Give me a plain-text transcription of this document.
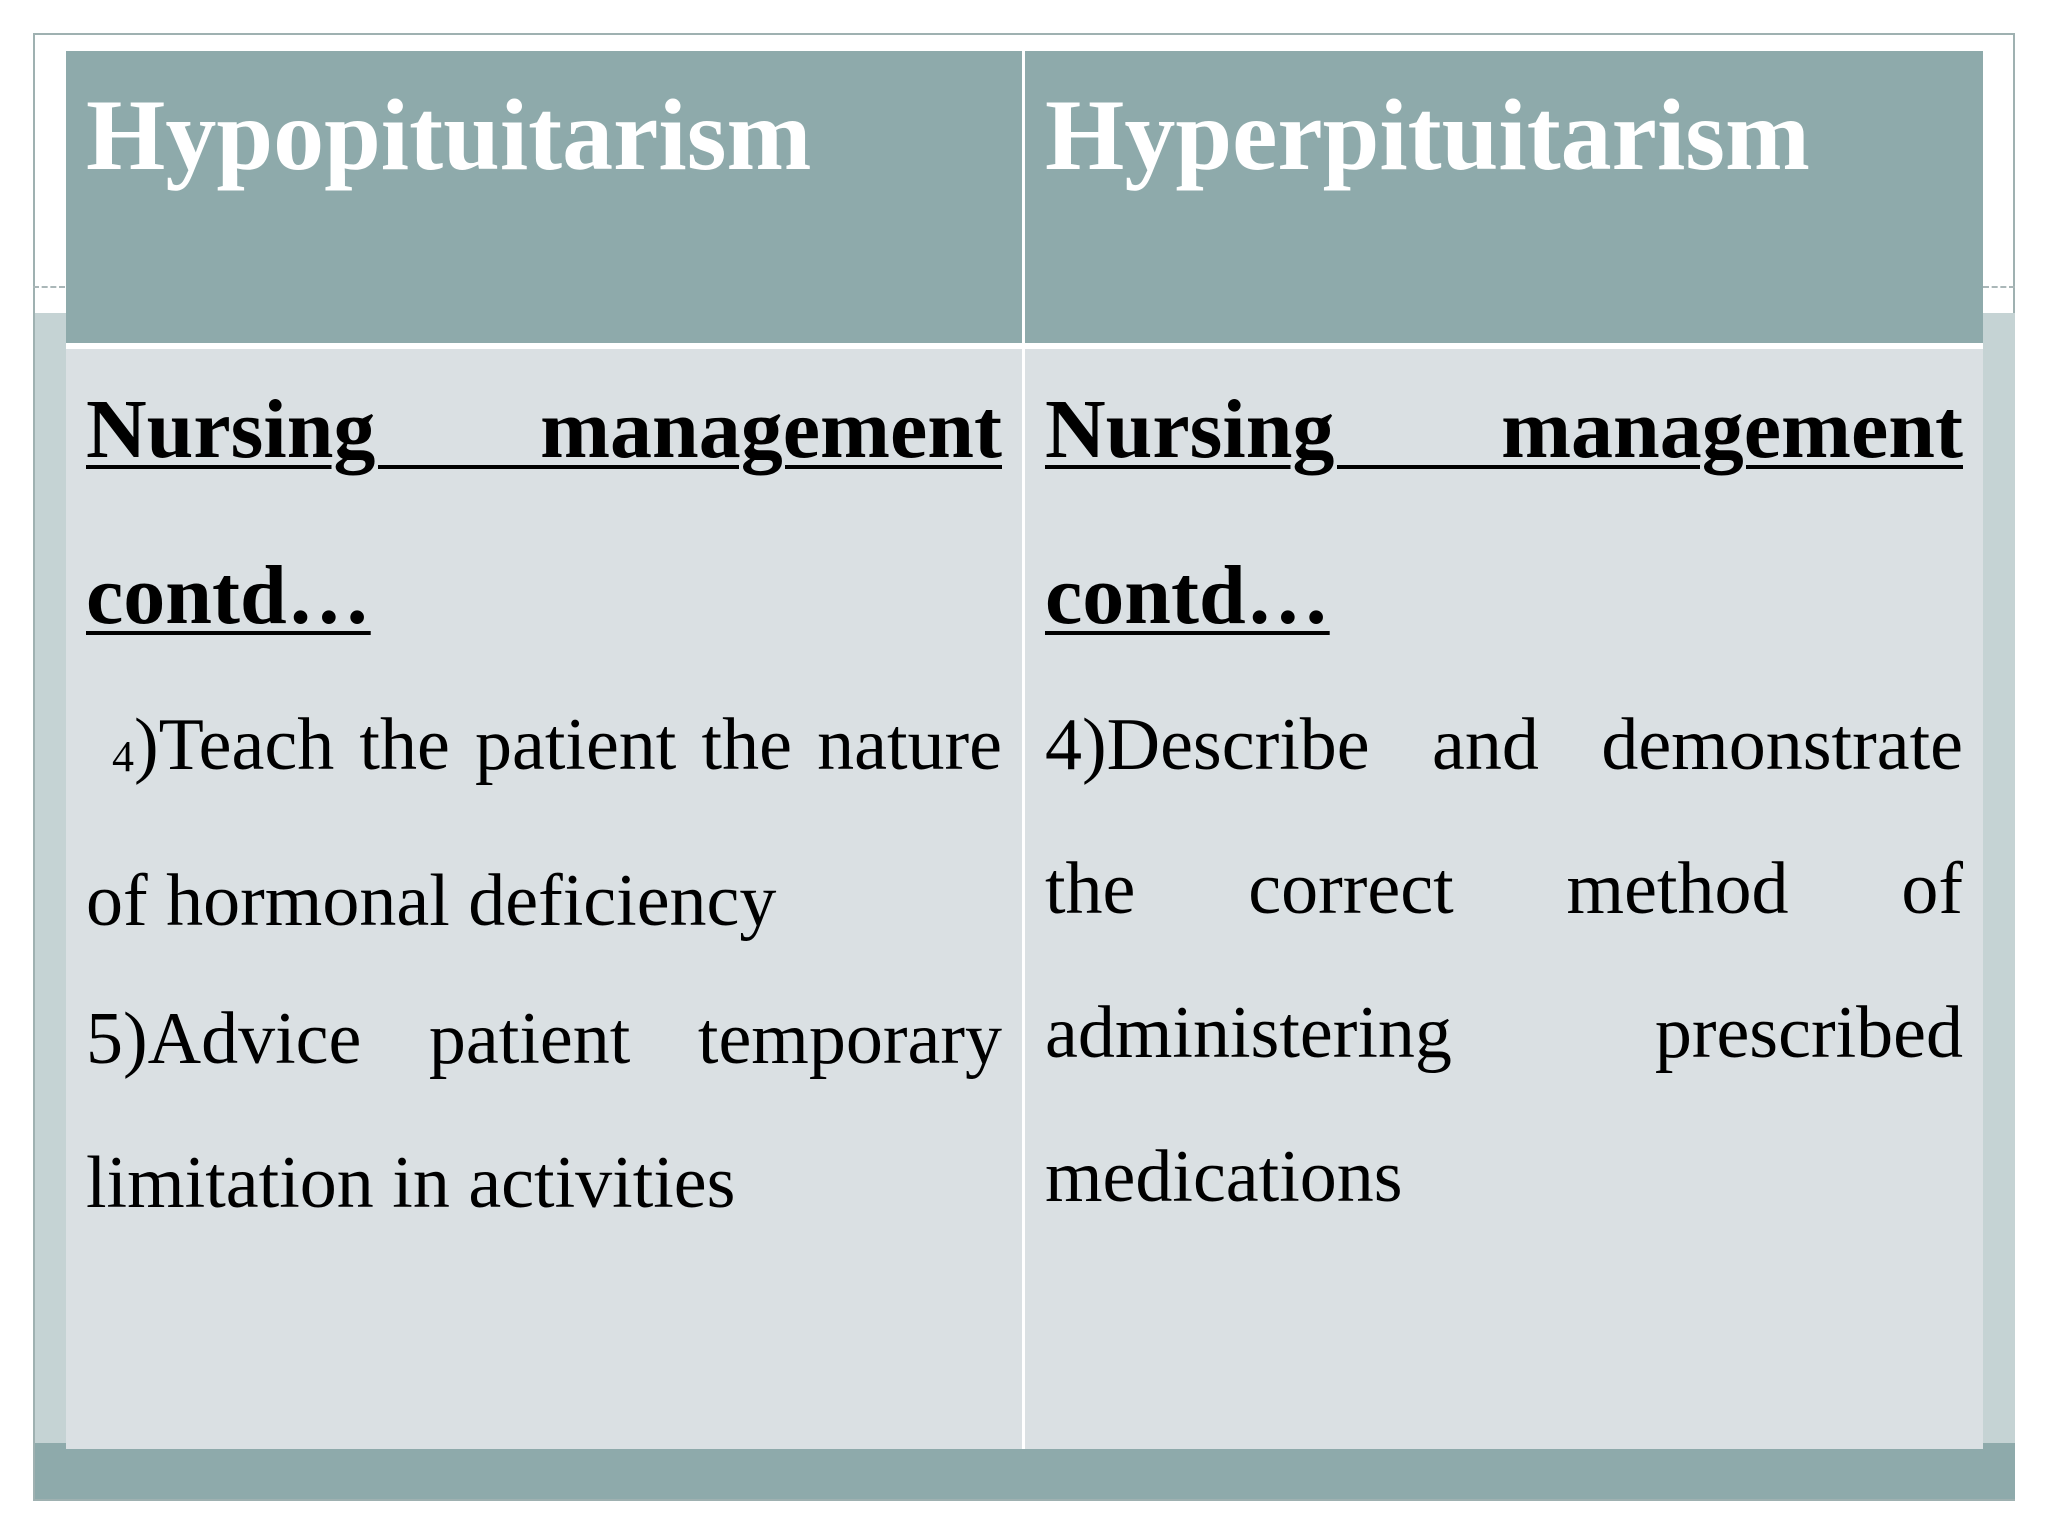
Hypopituitarism	Hyperpituitarism
Nursing management contd…
4)Teach the patient the nature of hormonal deficiency
5)Advice patient temporary limitation in activities
Nursing management contd…
4)Describe and demonstrate the correct method of administering prescribed medications
